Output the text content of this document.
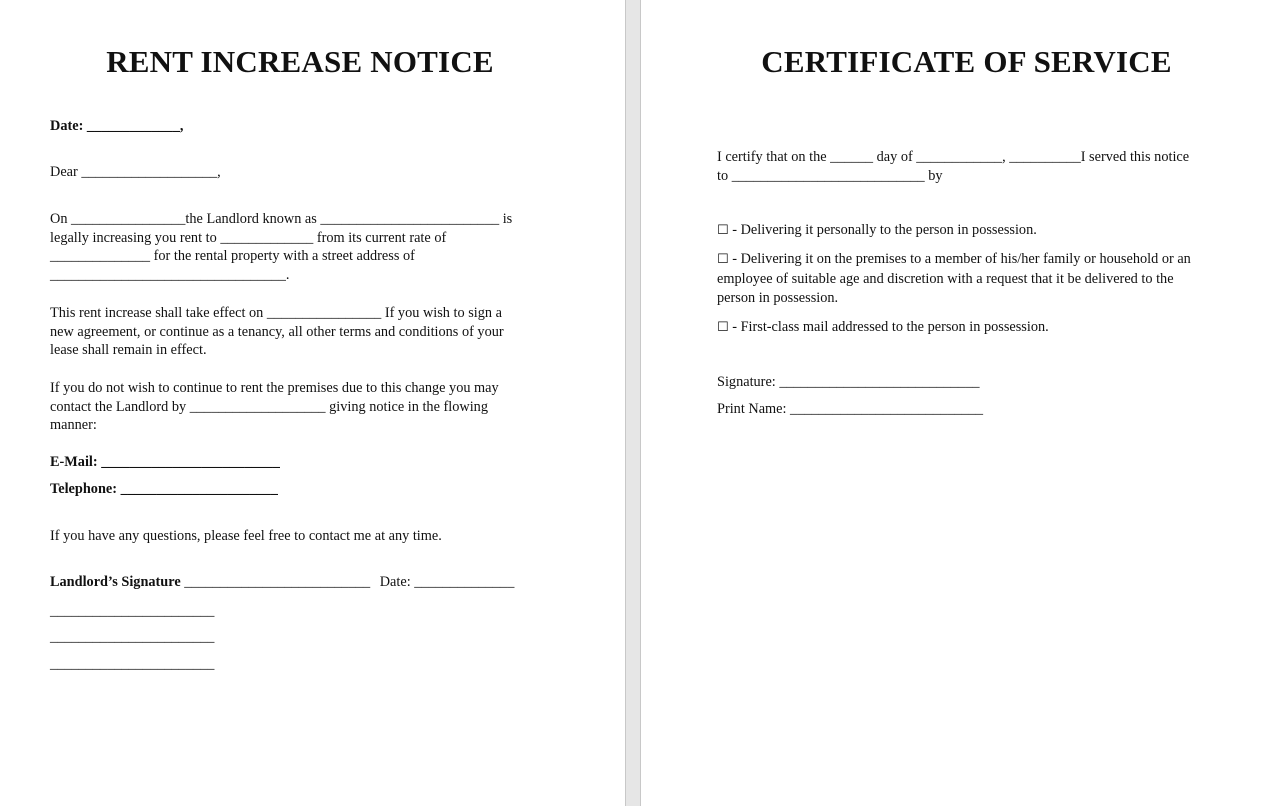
RENT INCREASE NOTICE
Date: _____________,
Dear ___________________,
On ________________the Landlord known as _________________________ is
legally increasing you rent to _____________ from its current rate of
______________ for the rental property with a street address of
_________________________________.
This rent increase shall take effect on ________________ If you wish to sign a
new agreement, or continue as a tenancy, all other terms and conditions of your
lease shall remain in effect.
If you do not wish to continue to rent the premises due to this change you may
contact the Landlord by ___________________ giving notice in the flowing
manner:
E-Mail: _________________________
Telephone: ______________________
If you have any questions, please feel free to contact me at any time.
Landlord’s Signature __________________________ Date: ______________
_______________________
_______________________
_______________________
CERTIFICATE OF SERVICE
I certify that on the ______ day of ____________, __________I served this notice
to ___________________________ by
☐ - Delivering it personally to the person in possession.
☐ - Delivering it on the premises to a member of his/her family or household or an
employee of suitable age and discretion with a request that it be delivered to the
person in possession.
☐ - First-class mail addressed to the person in possession.
Signature: ____________________________
Print Name: ___________________________
